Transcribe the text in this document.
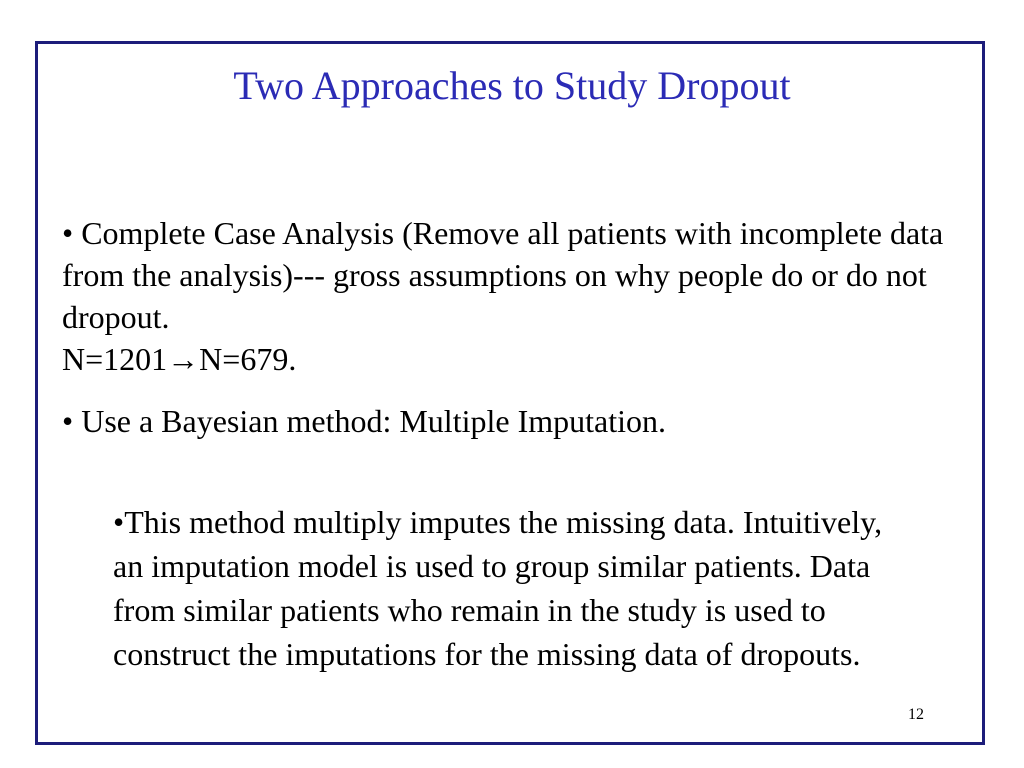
Two Approaches to Study Dropout

• Complete Case Analysis (Remove all patients with incomplete data from the analysis)--- gross assumptions on why people do or do not dropout.
N=1201→N=679.

• Use a Bayesian method: Multiple Imputation.

•This method multiply imputes the missing data. Intuitively, an imputation model is used to group similar patients. Data from similar patients who remain in the study is used to construct the imputations for the missing data of dropouts.

12
